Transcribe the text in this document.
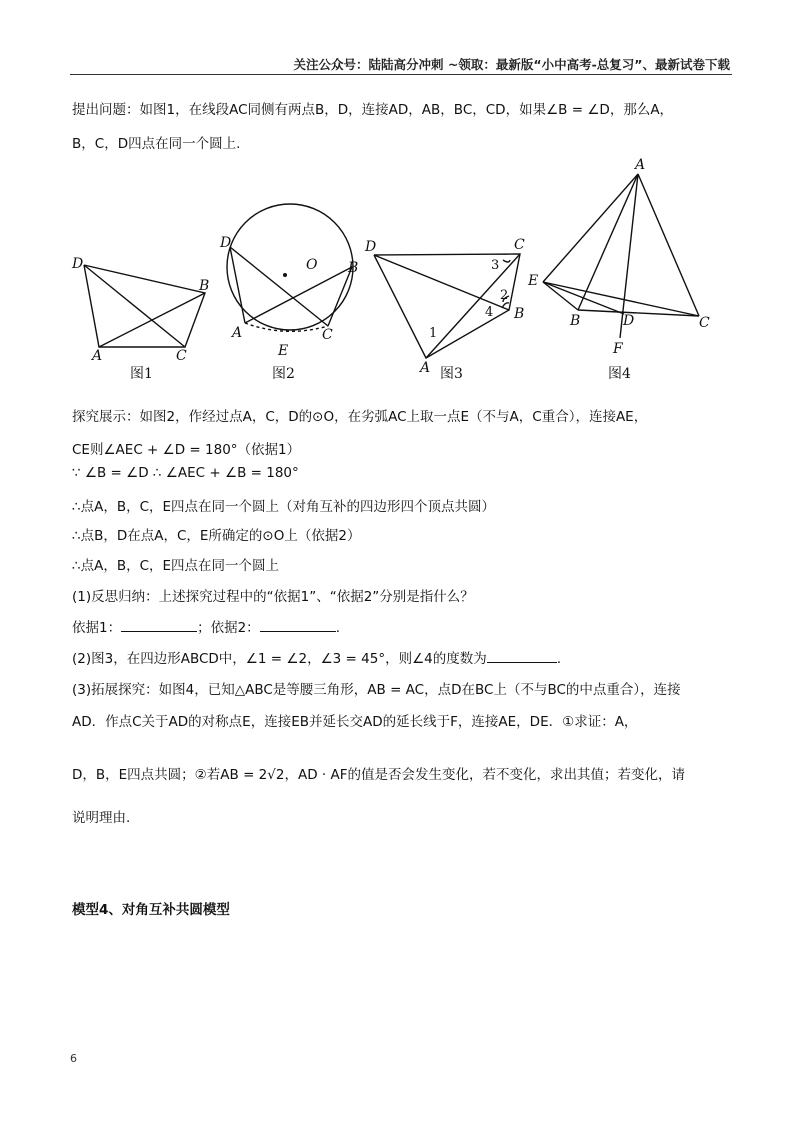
关注公众号：陆陆高分冲刺 ~领取：最新版“小中高考-总复习”、最新试卷下载
提出问题：如图1，在线段AC同侧有两点B，D，连接AD，AB，BC，CD，如果∠B = ∠D，那么A，
B，C，D四点在同一个圆上.
D
B
A	C
图1
D
O B
A	C
E
图2
D	C
B
A
1
2
3
4
图3
A
E
B	D	C
F
图4
探究展示：如图2，作经过点A，C，D的⊙O，在劣弧AC上取一点E（不与A，C重合），连接AE，
CE则∠AEC + ∠D = 180°（依据1）
∵ ∠B = ∠D ∴ ∠AEC + ∠B = 180°
∴点A，B，C，E四点在同一个圆上（对角互补的四边形四个顶点共圆）
∴点B，D在点A，C，E所确定的⊙O上（依据2）
∴点A，B，C，E四点在同一个圆上
(1)反思归纳：上述探究过程中的“依据1”、“依据2”分别是指什么？
依据1：	；依据2：	.
(2)图3，在四边形ABCD中，∠1 = ∠2，∠3 = 45°，则∠4的度数为	.
(3)拓展探究：如图4，已知△ABC是等腰三角形，AB = AC，点D在BC上（不与BC的中点重合），连接
AD．作点C关于AD的对称点E，连接EB并延长交AD的延长线于F，连接AE，DE．①求证：A，
D，B，E四点共圆；②若AB = 2√2，AD · AF的值是否会发生变化，若不变化，求出其值；若变化，请
说明理由.
模型4、对角互补共圆模型
6
